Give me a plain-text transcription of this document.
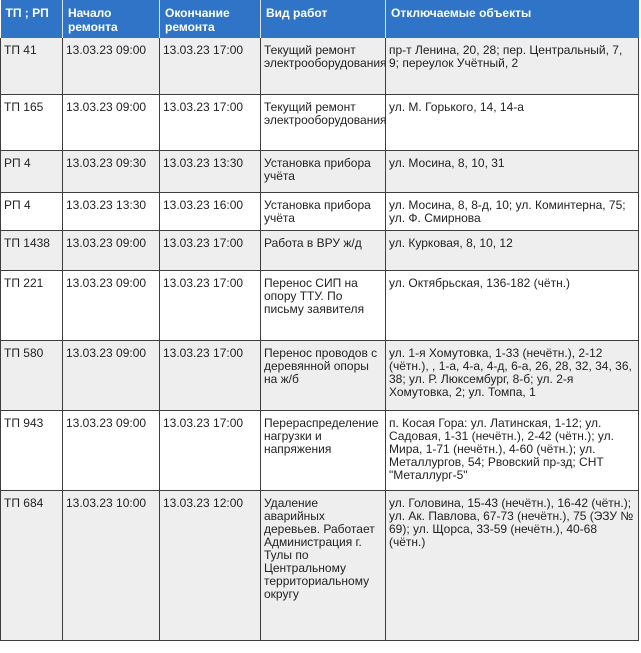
ТП ; РП	Начало ремонта	Окончание ремонта	Вид работ	Отключаемые объекты
ТП 41	13.03.23 09:00	13.03.23 17:00	Текущий ремонт электрооборудования	пр-т Ленина, 20, 28; пер. Центральный, 7, 9; переулок Учётный, 2
ТП 165	13.03.23 09:00	13.03.23 17:00	Текущий ремонт электрооборудования	ул. М. Горького, 14, 14-а
РП 4	13.03.23 09:30	13.03.23 13:30	Установка прибора учёта	ул. Мосина, 8, 10, 31
РП 4	13.03.23 13:30	13.03.23 16:00	Установка прибора учёта	ул. Мосина, 8, 8-д, 10; ул. Коминтерна, 75; ул. Ф. Смирнова
ТП 1438	13.03.23 09:00	13.03.23 17:00	Работа в ВРУ ж/д	ул. Курковая, 8, 10, 12
ТП 221	13.03.23 09:00	13.03.23 17:00	Перенос СИП на опору ТТУ. По письму заявителя	ул. Октябрьская, 136-182 (чётн.)
ТП 580	13.03.23 09:00	13.03.23 17:00	Перенос проводов с деревянной опоры на ж/б	ул. 1-я Хомутовка, 1-33 (нечётн.), 2-12 (чётн.), , 1-а, 4-а, 4-д, 6-а, 26, 28, 32, 34, 36, 38; ул. Р. Люксембург, 8-б; ул. 2-я Хомутовка, 2; ул. Томпа, 1
ТП 943	13.03.23 09:00	13.03.23 17:00	Перераспределение нагрузки и напряжения	п. Косая Гора: ул. Латинская, 1-12; ул. Садовая, 1-31 (нечётн.), 2-42 (чётн.); ул. Мира, 1-71 (нечётн.), 4-60 (чётн.); ул. Металлургов, 54; Рвовский пр-зд; СНТ "Металлург-5"
ТП 684	13.03.23 10:00	13.03.23 12:00	Удаление аварийных деревьев. Работает Администрация г. Тулы по Центральному территориальному округу	ул. Головина, 15-43 (нечётн.), 16-42 (чётн.); ул. Ак. Павлова, 67-73 (нечётн.), 75 (ЭЗУ № 69); ул. Щорса, 33-59 (нечётн.), 40-68 (чётн.)
